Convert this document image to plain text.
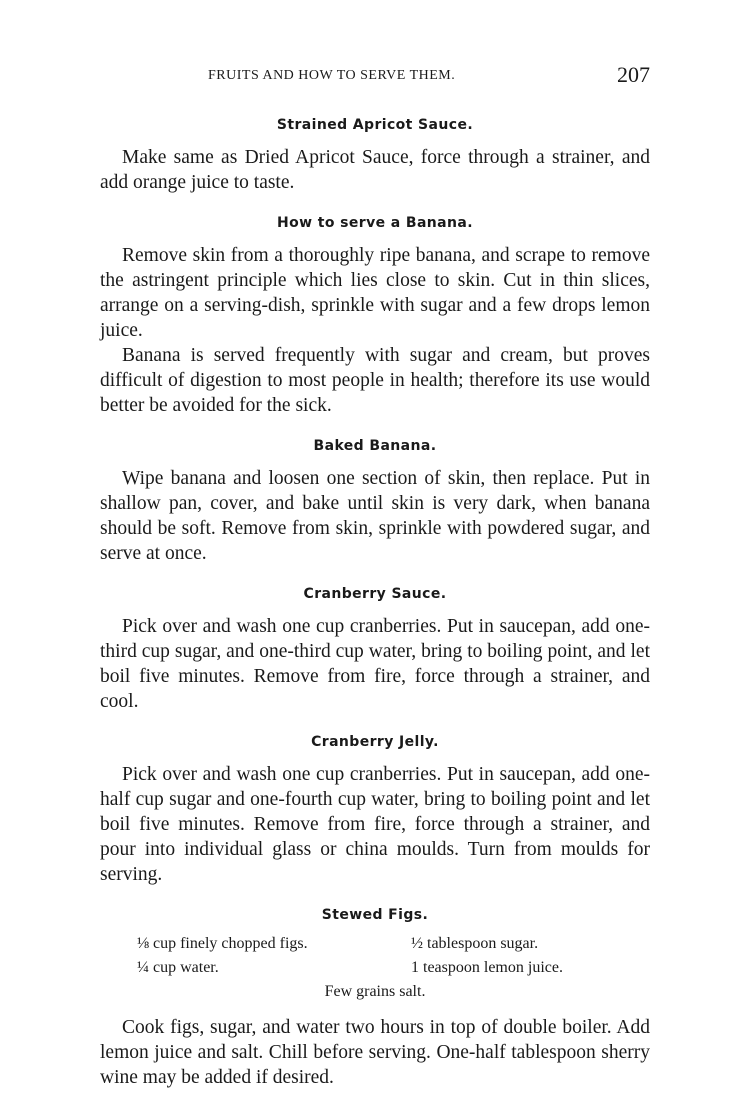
FRUITS AND HOW TO SERVE THEM.	207
Strained Apricot Sauce.

Make same as Dried Apricot Sauce, force through a strainer, and add orange juice to taste.

How to serve a Banana.

Remove skin from a thoroughly ripe banana, and scrape to remove the astringent principle which lies close to skin. Cut in thin slices, arrange on a serving-dish, sprinkle with sugar and a few drops lemon juice.

Banana is served frequently with sugar and cream, but proves difficult of digestion to most people in health; therefore its use would better be avoided for the sick.

Baked Banana.

Wipe banana and loosen one section of skin, then replace. Put in shallow pan, cover, and bake until skin is very dark, when banana should be soft. Remove from skin, sprinkle with powdered sugar, and serve at once.

Cranberry Sauce.

Pick over and wash one cup cranberries. Put in saucepan, add one-third cup sugar, and one-third cup water, bring to boiling point, and let boil five minutes. Remove from fire, force through a strainer, and cool.

Cranberry Jelly.

Pick over and wash one cup cranberries. Put in saucepan, add one-half cup sugar and one-fourth cup water, bring to boiling point and let boil five minutes. Remove from fire, force through a strainer, and pour into individual glass or china moulds. Turn from moulds for serving.

Stewed Figs.
⅛ cup finely chopped figs.	½ tablespoon sugar.
¼ cup water.	1 teaspoon lemon juice.
Few grains salt.

Cook figs, sugar, and water two hours in top of double boiler. Add lemon juice and salt. Chill before serving. One-half tablespoon sherry wine may be added if desired.
